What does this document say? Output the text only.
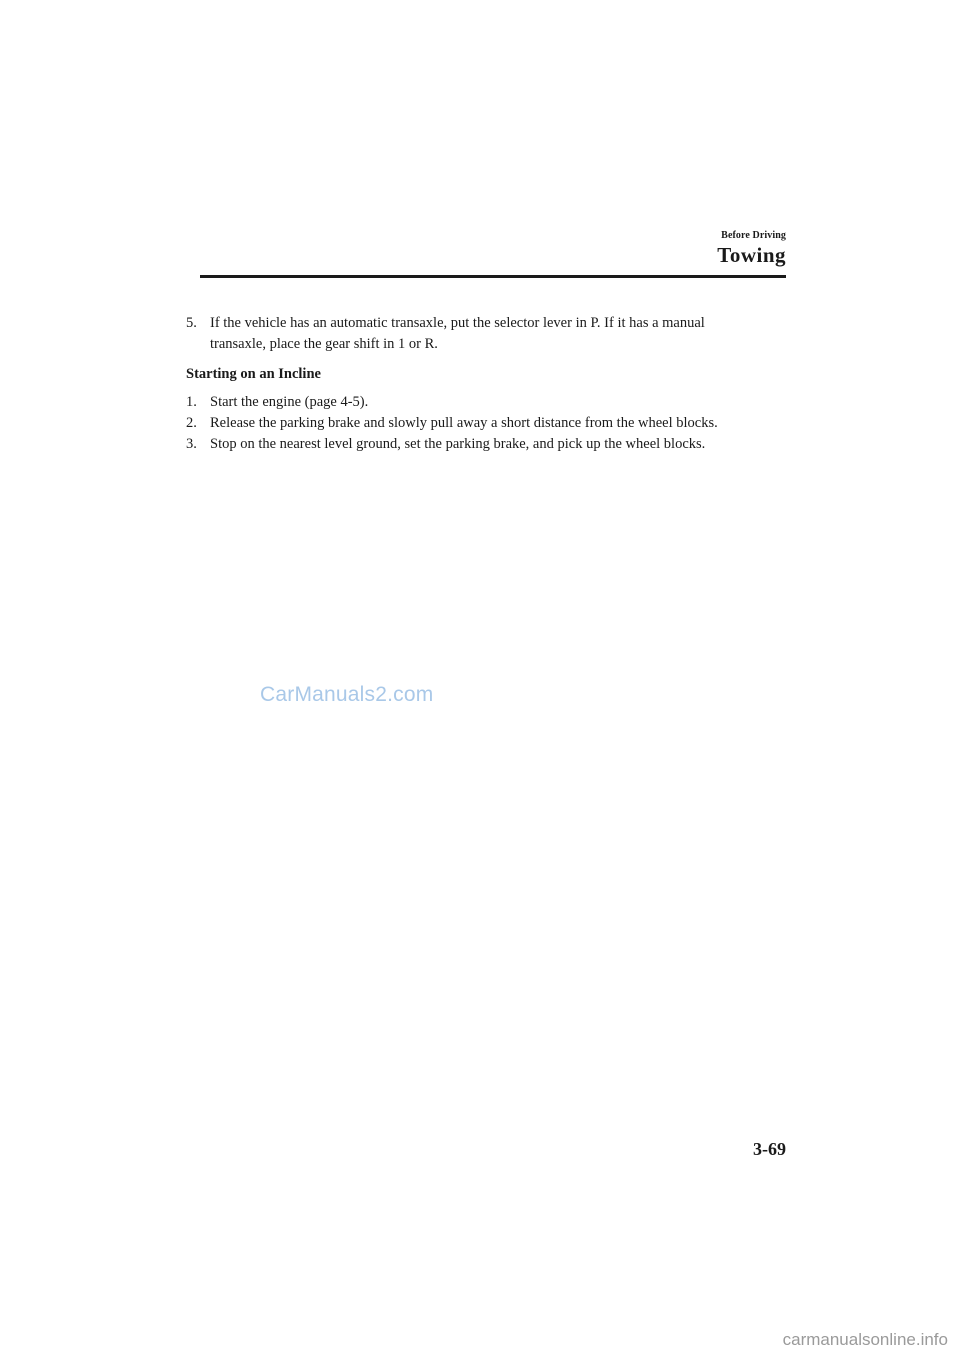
Before Driving
Towing
5. If the vehicle has an automatic transaxle, put the selector lever in P. If it has a manual
transaxle, place the gear shift in 1 or R.
Starting on an Incline
1. Start the engine (page 4-5).
2. Release the parking brake and slowly pull away a short distance from the wheel blocks.
3. Stop on the nearest level ground, set the parking brake, and pick up the wheel blocks.
CarManuals2.com
3-69
carmanualsonline.info
